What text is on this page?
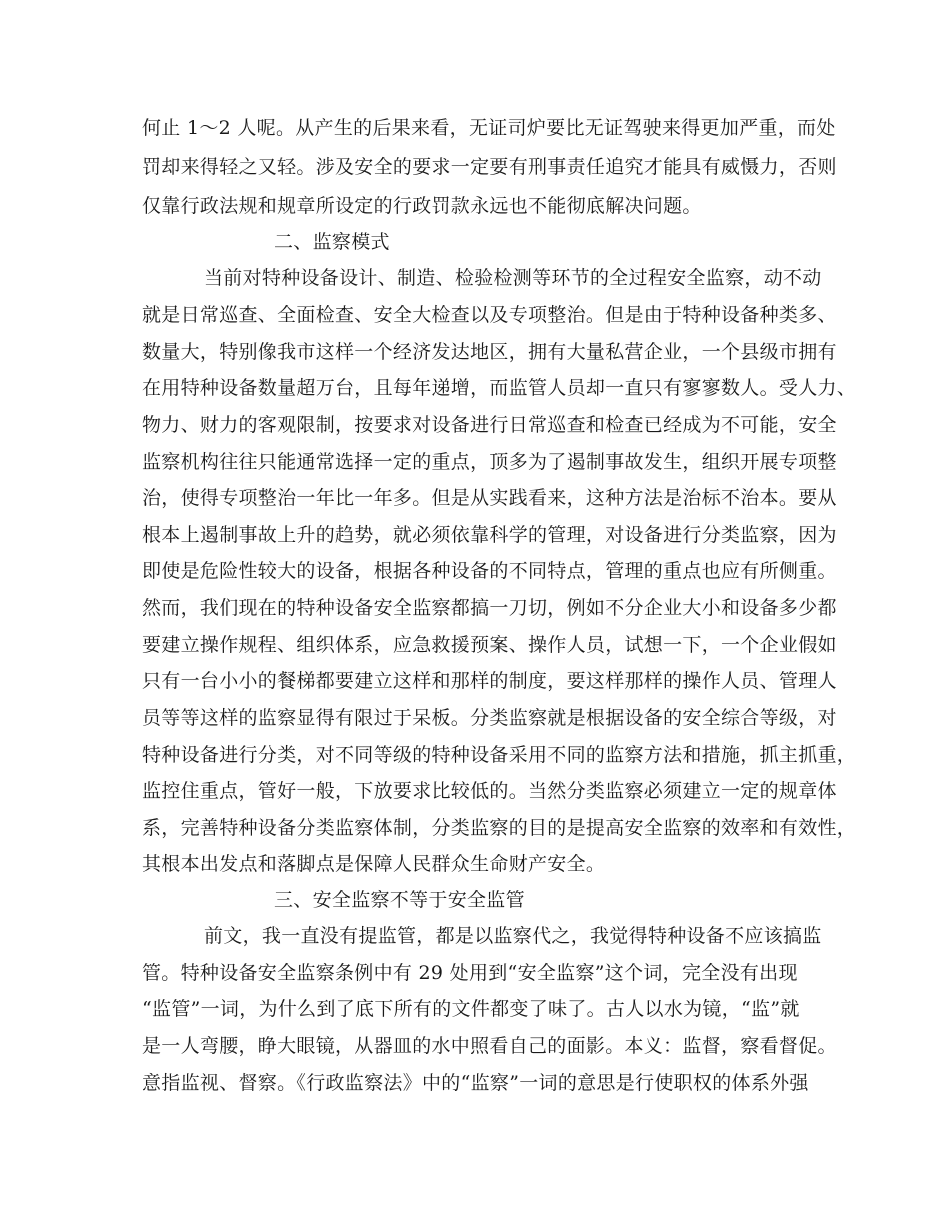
何止 1～2 人呢。从产生的后果来看，无证司炉要比无证驾驶来得更加严重，而处
罚却来得轻之又轻。涉及安全的要求一定要有刑事责任追究才能具有威慑力，否则
仅靠行政法规和规章所设定的行政罚款永远也不能彻底解决问题。
二、监察模式
当前对特种设备设计、制造、检验检测等环节的全过程安全监察，动不动
就是日常巡查、全面检查、安全大检查以及专项整治。但是由于特种设备种类多、
数量大，特别像我市这样一个经济发达地区，拥有大量私营企业，一个县级市拥有
在用特种设备数量超万台，且每年递增，而监管人员却一直只有寥寥数人。受人力、
物力、财力的客观限制，按要求对设备进行日常巡查和检查已经成为不可能，安全
监察机构往往只能通常选择一定的重点，顶多为了遏制事故发生，组织开展专项整
治，使得专项整治一年比一年多。但是从实践看来，这种方法是治标不治本。要从
根本上遏制事故上升的趋势，就必须依靠科学的管理，对设备进行分类监察，因为
即使是危险性较大的设备，根据各种设备的不同特点，管理的重点也应有所侧重。
然而，我们现在的特种设备安全监察都搞一刀切，例如不分企业大小和设备多少都
要建立操作规程、组织体系，应急救援预案、操作人员，试想一下，一个企业假如
只有一台小小的餐梯都要建立这样和那样的制度，要这样那样的操作人员、管理人
员等等这样的监察显得有限过于呆板。分类监察就是根据设备的安全综合等级，对
特种设备进行分类，对不同等级的特种设备采用不同的监察方法和措施，抓主抓重，
监控住重点，管好一般，下放要求比较低的。当然分类监察必须建立一定的规章体
系，完善特种设备分类监察体制，分类监察的目的是提高安全监察的效率和有效性，
其根本出发点和落脚点是保障人民群众生命财产安全。
三、安全监察不等于安全监管
前文，我一直没有提监管，都是以监察代之，我觉得特种设备不应该搞监
管。特种设备安全监察条例中有 29 处用到“安全监察”这个词，完全没有出现
“监管”一词，为什么到了底下所有的文件都变了味了。古人以水为镜，“监”就
是一人弯腰，睁大眼镜，从器皿的水中照看自己的面影。本义：监督，察看督促。
意指监视、督察。《行政监察法》中的“监察”一词的意思是行使职权的体系外强
